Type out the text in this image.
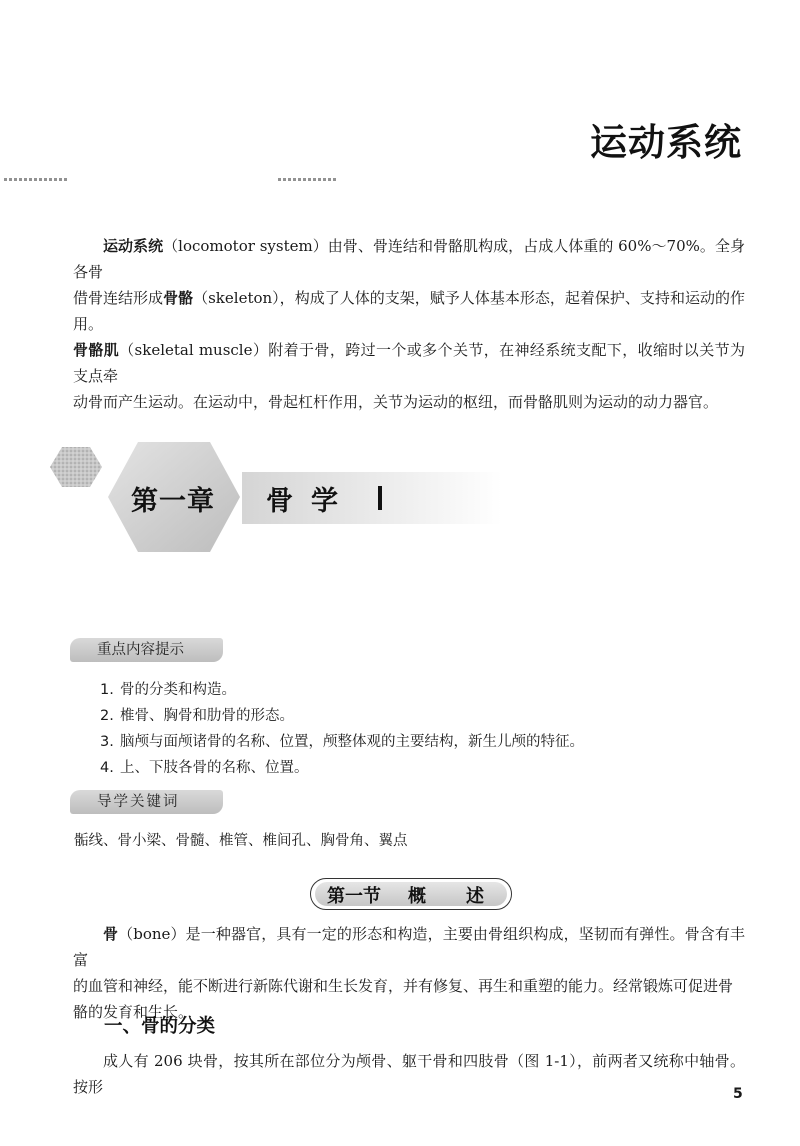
运动系统

运动系统（locomotor system）由骨、骨连结和骨骼肌构成，占成人体重的 60%～70%。全身各骨

借骨连结形成骨骼（skeleton），构成了人体的支架，赋予人体基本形态，起着保护、支持和运动的作用。

骨骼肌（skeletal muscle）附着于骨，跨过一个或多个关节，在神经系统支配下，收缩时以关节为支点牵

动骨而产生运动。在运动中，骨起杠杆作用，关节为运动的枢纽，而骨骼肌则为运动的动力器官。

第一章 骨学
重点内容提示
1. 骨的分类和构造。
2. 椎骨、胸骨和肋骨的形态。
3. 脑颅与面颅诸骨的名称、位置，颅整体观的主要结构，新生儿颅的特征。
4. 上、下肢各骨的名称、位置。
导学关键词
骺线、骨小梁、骨髓、椎管、椎间孔、胸骨角、翼点
第一节 概述

骨（bone）是一种器官，具有一定的形态和构造，主要由骨组织构成，坚韧而有弹性。骨含有丰富

的血管和神经，能不断进行新陈代谢和生长发育，并有修复、再生和重塑的能力。经常锻炼可促进骨

骼的发育和生长。

一、骨的分类

成人有 206 块骨，按其所在部位分为颅骨、躯干骨和四肢骨（图 1-1），前两者又统称中轴骨。按形	5
